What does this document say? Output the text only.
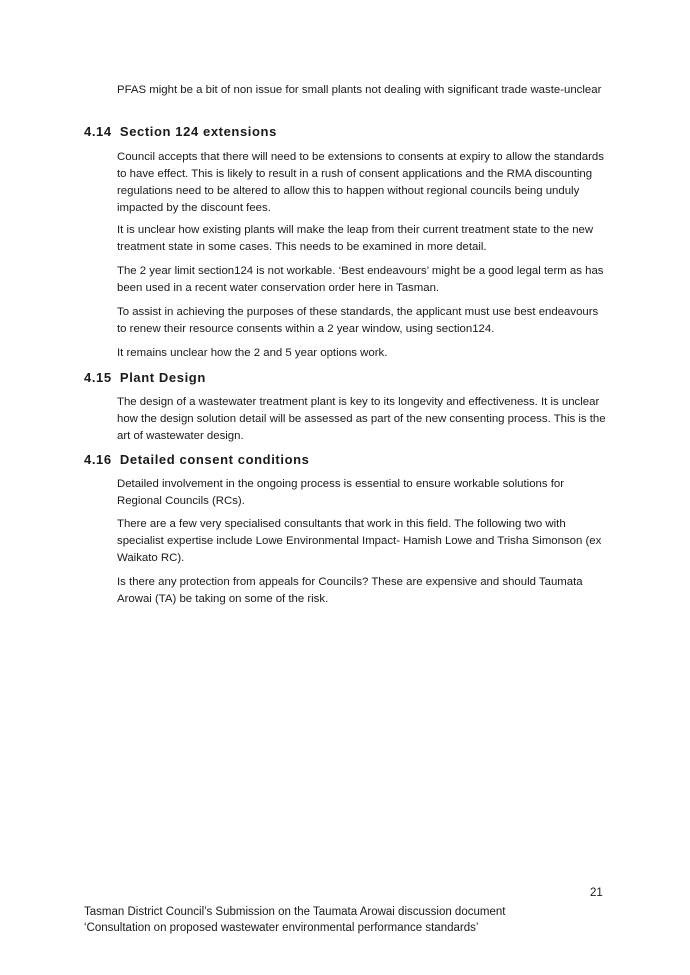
PFAS might be a bit of non issue for small plants not dealing with significant trade waste-unclear

4.14 Section 124 extensions

Council accepts that there will need to be extensions to consents at expiry to allow the standards to have effect. This is likely to result in a rush of consent applications and the RMA discounting regulations need to be altered to allow this to happen without regional councils being unduly impacted by the discount fees.

It is unclear how existing plants will make the leap from their current treatment state to the new treatment state in some cases. This needs to be examined in more detail.

The 2 year limit section124 is not workable. ‘Best endeavours’ might be a good legal term as has been used in a recent water conservation order here in Tasman.

To assist in achieving the purposes of these standards, the applicant must use best endeavours to renew their resource consents within a 2 year window, using section124.

It remains unclear how the 2 and 5 year options work.

4.15 Plant Design

The design of a wastewater treatment plant is key to its longevity and effectiveness. It is unclear how the design solution detail will be assessed as part of the new consenting process. This is the art of wastewater design.

4.16 Detailed consent conditions

Detailed involvement in the ongoing process is essential to ensure workable solutions for Regional Councils (RCs).

There are a few very specialised consultants that work in this field. The following two with specialist expertise include Lowe Environmental Impact- Hamish Lowe and Trisha Simonson (ex Waikato RC).

Is there any protection from appeals for Councils? These are expensive and should Taumata Arowai (TA) be taking on some of the risk.

21
Tasman District Council’s Submission on the Taumata Arowai discussion document
‘Consultation on proposed wastewater environmental performance standards’
